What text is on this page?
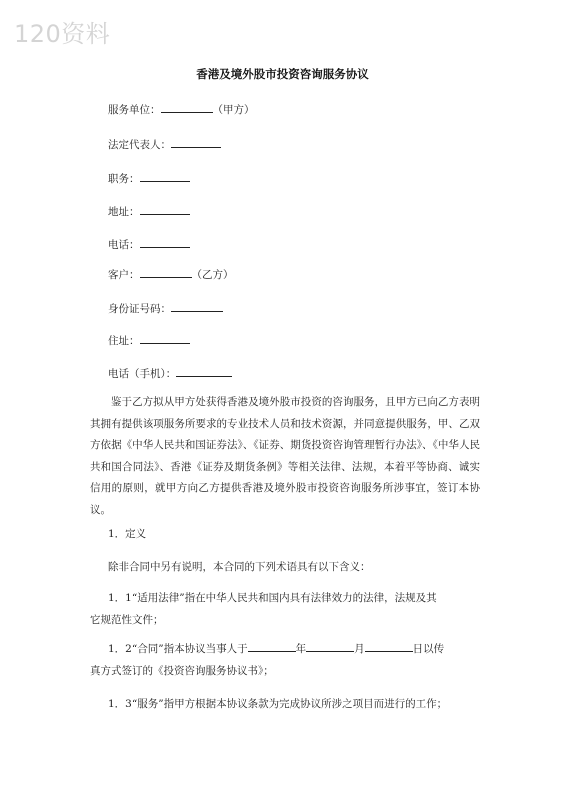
120资料
香港及境外股市投资咨询服务协议
服务单位：	（甲方）
法定代表人：
职务：
地址：
电话：
客户：	（乙方）
身份证号码：
住址：
电话（手机）：

鉴于乙方拟从甲方处获得香港及境外股市投资的咨询服务，且甲方已向乙方表明其拥有提供该项服务所要求的专业技术人员和技术资源，并同意提供服务，甲、乙双方依据《中华人民共和国证券法》、《证券、期货投资咨询管理暂行办法》、《中华人民共和国合同法》、香港《证券及期货条例》等相关法律、法规，本着平等协商、诚实信用的原则，就甲方向乙方提供香港及境外股市投资咨询服务所涉事宜，签订本协议。

1．定义
除非合同中另有说明，本合同的下列术语具有以下含义：
1．1“适用法律”指在中华人民共和国内具有法律效力的法律，法规及其
它规范性文件；
1．2“合同”指本协议当事人于	年	月	日以传
真方式签订的《投资咨询服务协议书》；
1．3“服务”指甲方根据本协议条款为完成协议所涉之项目而进行的工作；
